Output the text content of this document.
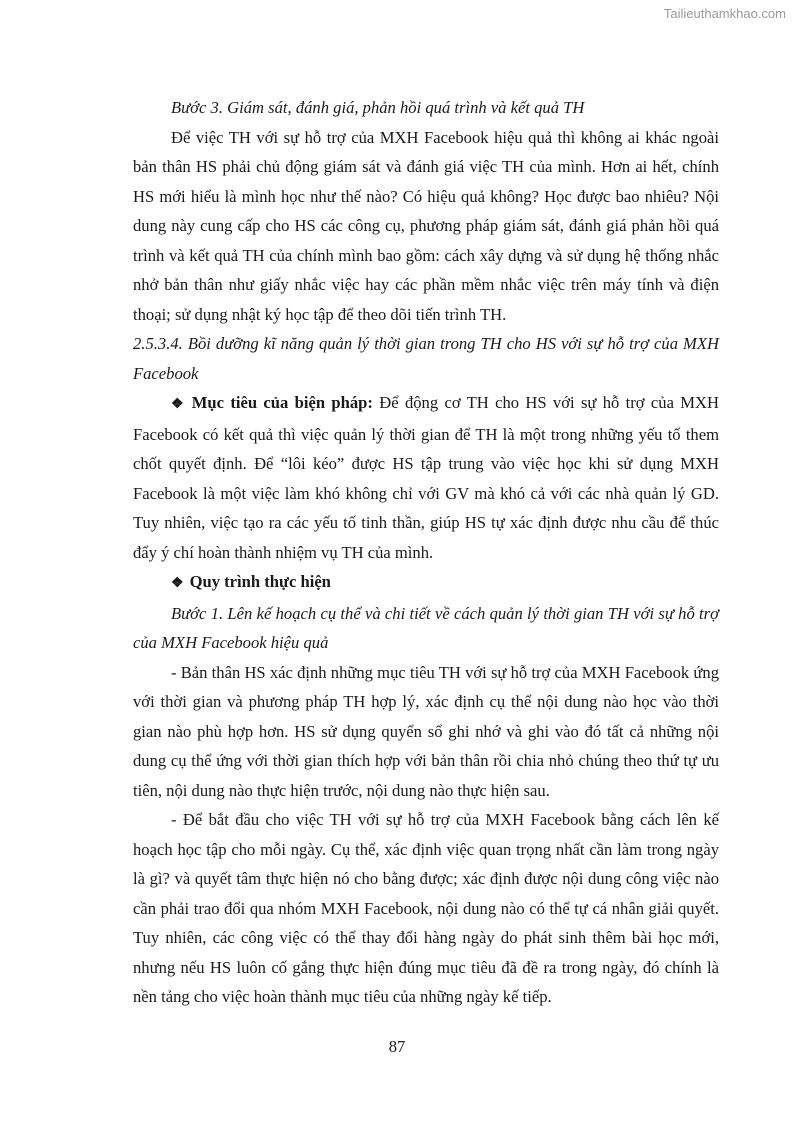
Tailieuthamkhao.com

Bước 3. Giám sát, đánh giá, phản hồi quá trình và kết quả TH

Để việc TH với sự hỗ trợ của MXH Facebook hiệu quả thì không ai khác ngoài bản thân HS phải chủ động giám sát và đánh giá việc TH của mình. Hơn ai hết, chính HS mới hiểu là mình học như thế nào? Có hiệu quả không? Học được bao nhiêu? Nội dung này cung cấp cho HS các công cụ, phương pháp giám sát, đánh giá phản hồi quá trình và kết quả TH của chính mình bao gồm: cách xây dựng và sử dụng hệ thống nhắc nhở bản thân như giấy nhắc việc hay các phần mềm nhắc việc trên máy tính và điện thoại; sử dụng nhật ký học tập để theo dõi tiến trình TH.

2.5.3.4. Bồi dưỡng kĩ năng quản lý thời gian trong TH cho HS với sự hỗ trợ của MXH Facebook

❖ Mục tiêu của biện pháp: Để động cơ TH cho HS với sự hỗ trợ của MXH Facebook có kết quả thì việc quản lý thời gian để TH là một trong những yếu tố them chốt quyết định. Để “lôi kéo” được HS tập trung vào việc học khi sử dụng MXH Facebook là một việc làm khó không chỉ với GV mà khó cả với các nhà quản lý GD. Tuy nhiên, việc tạo ra các yếu tố tinh thần, giúp HS tự xác định được nhu cầu để thúc đẩy ý chí hoàn thành nhiệm vụ TH của mình.

❖ Quy trình thực hiện

Bước 1. Lên kế hoạch cụ thể và chi tiết về cách quản lý thời gian TH với sự hỗ trợ của MXH Facebook hiệu quả

- Bản thân HS xác định những mục tiêu TH với sự hỗ trợ của MXH Facebook ứng với thời gian và phương pháp TH hợp lý, xác định cụ thể nội dung nào học vào thời gian nào phù hợp hơn. HS sử dụng quyển sổ ghi nhớ và ghi vào đó tất cả những nội dung cụ thể ứng với thời gian thích hợp với bản thân rồi chia nhỏ chúng theo thứ tự ưu tiên, nội dung nào thực hiện trước, nội dung nào thực hiện sau.

- Để bắt đầu cho việc TH với sự hỗ trợ của MXH Facebook bằng cách lên kế hoạch học tập cho mỗi ngày. Cụ thể, xác định việc quan trọng nhất cần làm trong ngày là gì? và quyết tâm thực hiện nó cho bằng được; xác định được nội dung công việc nào cần phải trao đổi qua nhóm MXH Facebook, nội dung nào có thể tự cá nhân giải quyết. Tuy nhiên, các công việc có thể thay đổi hàng ngày do phát sinh thêm bài học mới, nhưng nếu HS luôn cố gắng thực hiện đúng mục tiêu đã đề ra trong ngày, đó chính là nền tảng cho việc hoàn thành mục tiêu của những ngày kế tiếp.

87
